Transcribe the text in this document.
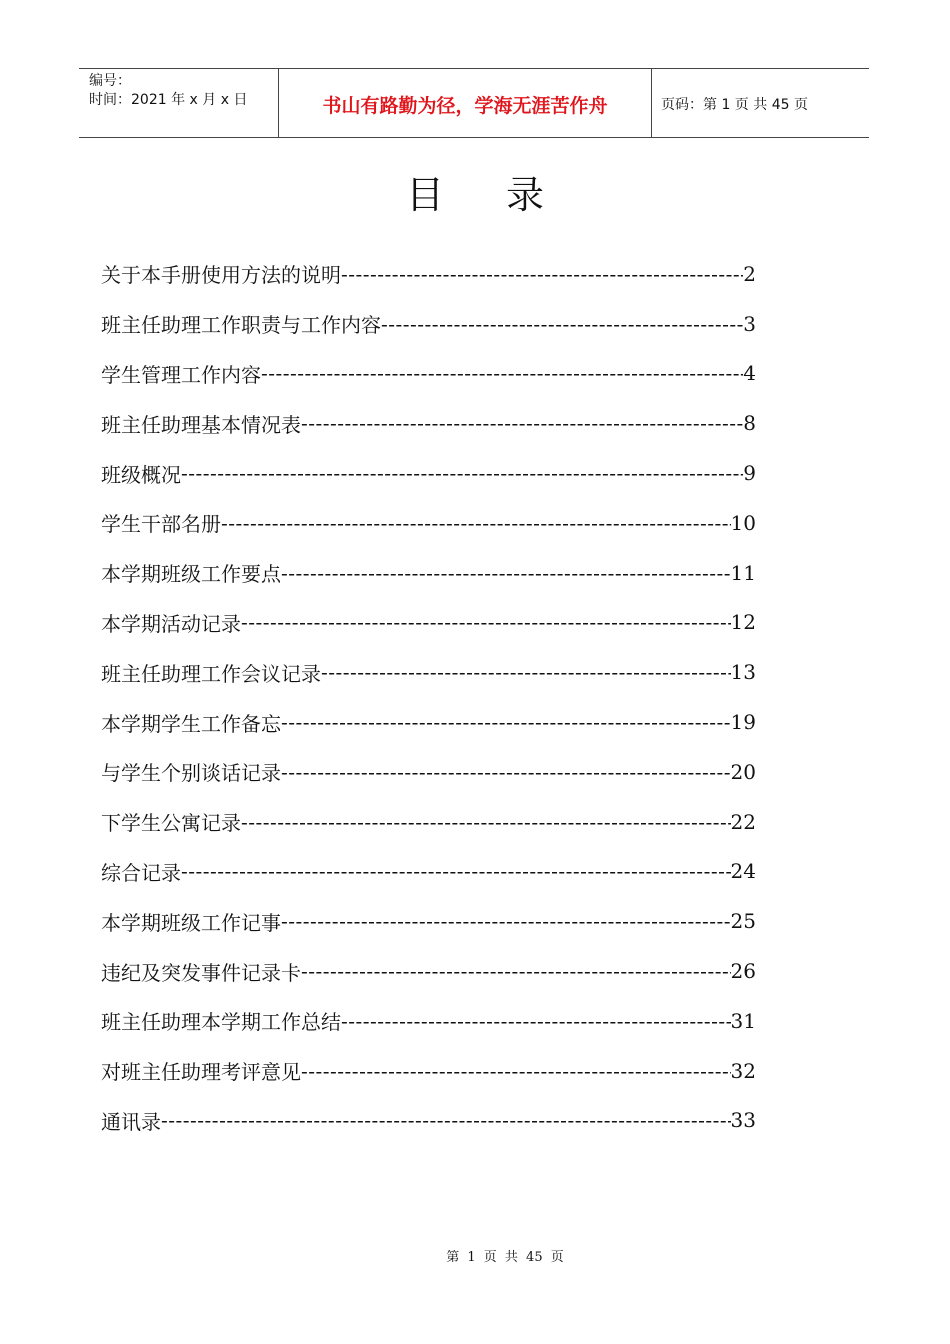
编号：
时间：2021 年 x 月 x 日	书山有路勤为径，学海无涯苦作舟	页码：第 1 页 共 45 页
目录
关于本手册使用方法的说明 -----	2
班主任助理工作职责与工作内容 -----	3
学生管理工作内容 -----	4
班主任助理基本情况表 -----	8
班级概况 -----	9
学生干部名册 -----	10
本学期班级工作要点 -----	11
本学期活动记录 -----	12
班主任助理工作会议记录 -----	13
本学期学生工作备忘 -----	19
与学生个别谈话记录 -----	20
下学生公寓记录 -----	22
综合记录 -----	24
本学期班级工作记事 -----	25
违纪及突发事件记录卡 -----	26
班主任助理本学期工作总结 -----	31
对班主任助理考评意见 -----	32
通讯录 -----	33
第 1 页 共 45 页
